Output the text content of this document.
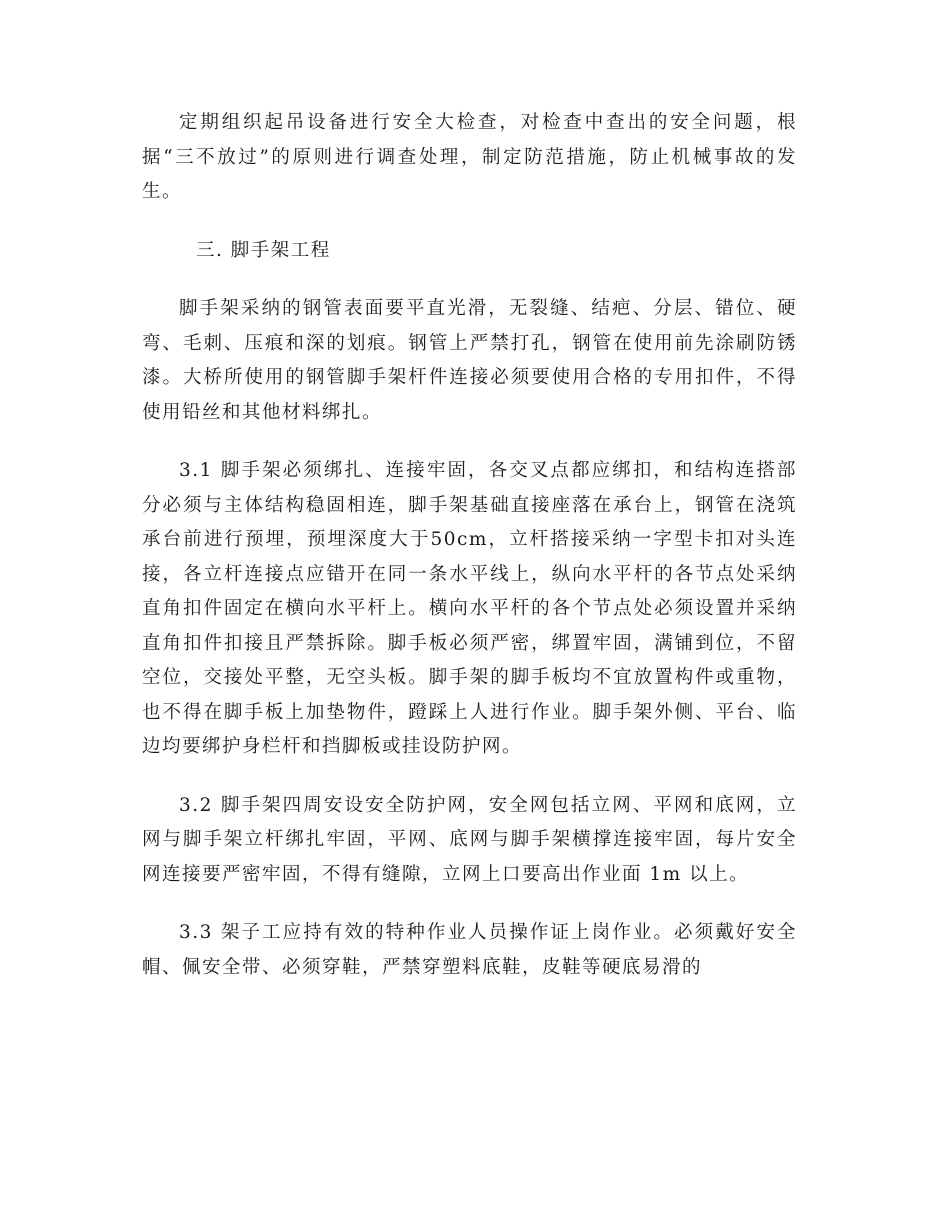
定期组织起吊设备进行安全大检查，对检查中查出的安全问题，根据“三不放过”的原则进行调查处理，制定防范措施，防止机械事故的发生。

三. 脚手架工程

脚手架采纳的钢管表面要平直光滑，无裂缝、结疤、分层、错位、硬弯、毛刺、压痕和深的划痕。钢管上严禁打孔，钢管在使用前先涂刷防锈漆。大桥所使用的钢管脚手架杆件连接必须要使用合格的专用扣件，不得使用铅丝和其他材料绑扎。

3.1 脚手架必须绑扎、连接牢固，各交叉点都应绑扣，和结构连搭部分必须与主体结构稳固相连，脚手架基础直接座落在承台上，钢管在浇筑承台前进行预埋，预埋深度大于50cm，立杆搭接采纳一字型卡扣对头连接，各立杆连接点应错开在同一条水平线上，纵向水平杆的各节点处采纳直角扣件固定在横向水平杆上。横向水平杆的各个节点处必须设置并采纳直角扣件扣接且严禁拆除。脚手板必须严密，绑置牢固，满铺到位，不留空位，交接处平整，无空头板。脚手架的脚手板均不宜放置构件或重物，也不得在脚手板上加垫物件，蹬踩上人进行作业。脚手架外侧、平台、临边均要绑护身栏杆和挡脚板或挂设防护网。

3.2 脚手架四周安设安全防护网，安全网包括立网、平网和底网，立网与脚手架立杆绑扎牢固，平网、底网与脚手架横撑连接牢固，每片安全网连接要严密牢固，不得有缝隙，立网上口要高出作业面 1m 以上。

3.3 架子工应持有效的特种作业人员操作证上岗作业。必须戴好安全帽、佩安全带、必须穿鞋，严禁穿塑料底鞋，皮鞋等硬底易滑的
